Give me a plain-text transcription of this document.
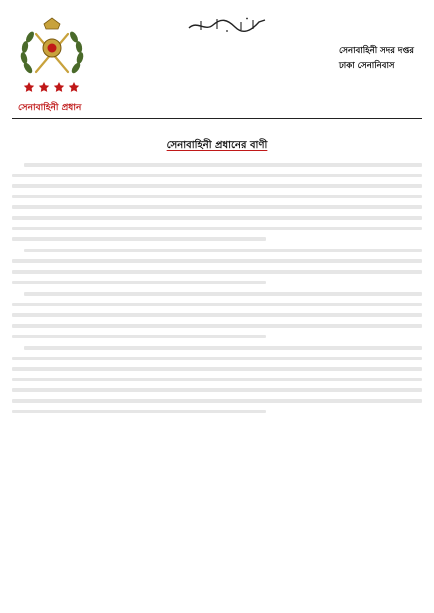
সেনাবাহিনী প্রধান
সেনাবাহিনী সদর দপ্তর
ঢাকা সেনানিবাস
সেনাবাহিনী প্রধানের বাণী
